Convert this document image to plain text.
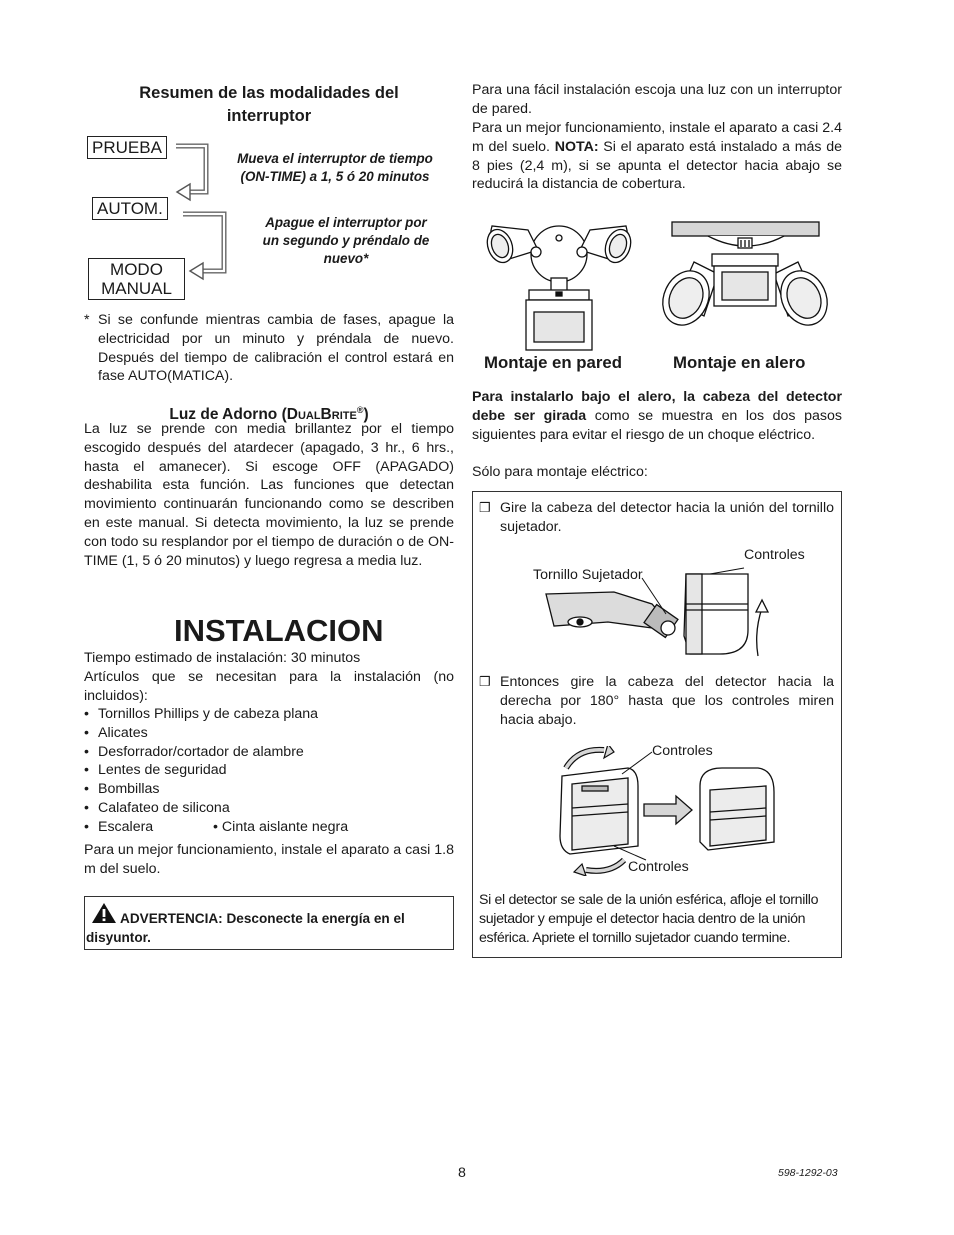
Resumen de las modalidades del
interruptor
PRUEBA
AUTOM.
MODO
MANUAL
Mueva el interruptor de tiempo
(ON-TIME) a 1, 5 ó 20 minutos
Apague el interruptor por
un segundo y préndalo de
nuevo*
* Si se confunde mientras cambia de fases, apague la electricidad por un minuto y préndala de nuevo. Después del tiempo de calibración el control estará en fase AUTO(MATICA).
Luz de Adorno (DualBrite®)
La luz se prende con media brillantez por el tiempo escogido después del atardecer (apagado, 3 hr., 6 hrs., hasta el amanecer). Si escoge OFF (APAGADO) deshabilita esta función. Las funciones que detectan movimiento continuarán funcionando como se describen en este manual. Si detecta movimiento, la luz se prende con todo su resplandor por el tiempo de duración o de ON-TIME (1, 5 ó 20 minutos) y luego regresa a media luz.
INSTALACION
Tiempo estimado de instalación: 30 minutos
Artículos que se necesitan para la instalación (no incluidos):
• Tornillos Phillips y de cabeza plana
• Alicates
• Desforrador/cortador de alambre
• Lentes de seguridad
• Bombillas
• Calafateo de silicona
• Escalera	• Cinta aislante negra
Para un mejor funcionamiento, instale el aparato a casi 1.8 m del suelo.
ADVERTENCIA: Desconecte la energía en el disyuntor.
Para una fácil instalación escoja una luz con un interruptor de pared.
Para un mejor funcionamiento, instale el aparato a casi 2.4 m del suelo. NOTA: Si el aparato está instalado a más de 8 pies (2,4 m), si se apunta el detector hacia abajo se reducirá la distancia de cobertura.
Montaje en pared	Montaje en alero
Para instalarlo bajo el alero, la cabeza del detector debe ser girada como se muestra en los dos pasos siguientes para evitar el riesgo de un choque eléctrico.
Sólo para montaje eléctrico:
❒ Gire la cabeza del detector hacia la unión del tornillo sujetador.
Controles
Tornillo Sujetador
❒ Entonces gire la cabeza del detector hacia la derecha por 180° hasta que los controles miren hacia abajo.
Controles
Controles
Si el detector se sale de la unión esférica, afloje el tornillo sujetador y empuje el detector hacia dentro de la unión esférica. Apriete el tornillo sujetador cuando termine.
8	598-1292-03
